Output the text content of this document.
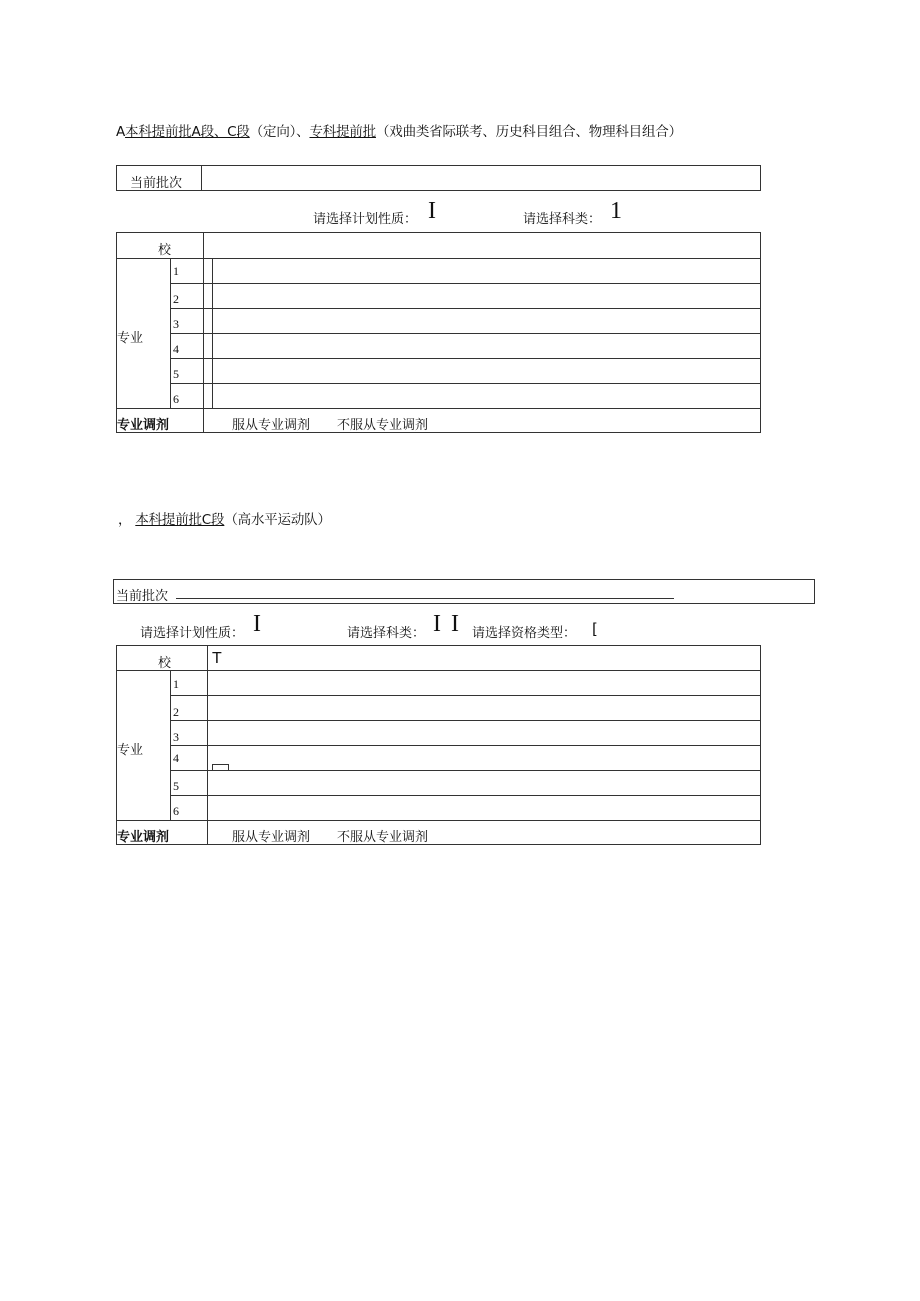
A本科提前批A段、C段（定向）、专科提前批（戏曲类省际联考、历史科目组合、物理科目组合）
当前批次
请选择计划性质： I	请选择科类： 1
校
专业
1
2
3
4
5
6
专业调剂	服从专业调剂 不服从专业调剂
， 本科提前批C段（高水平运动队）
当前批次
请选择计划性质： I	请选择科类： I I 请选择资格类型： [
校	T
专业
1
2
3
4
5
6
专业调剂	服从专业调剂 不服从专业调剂
